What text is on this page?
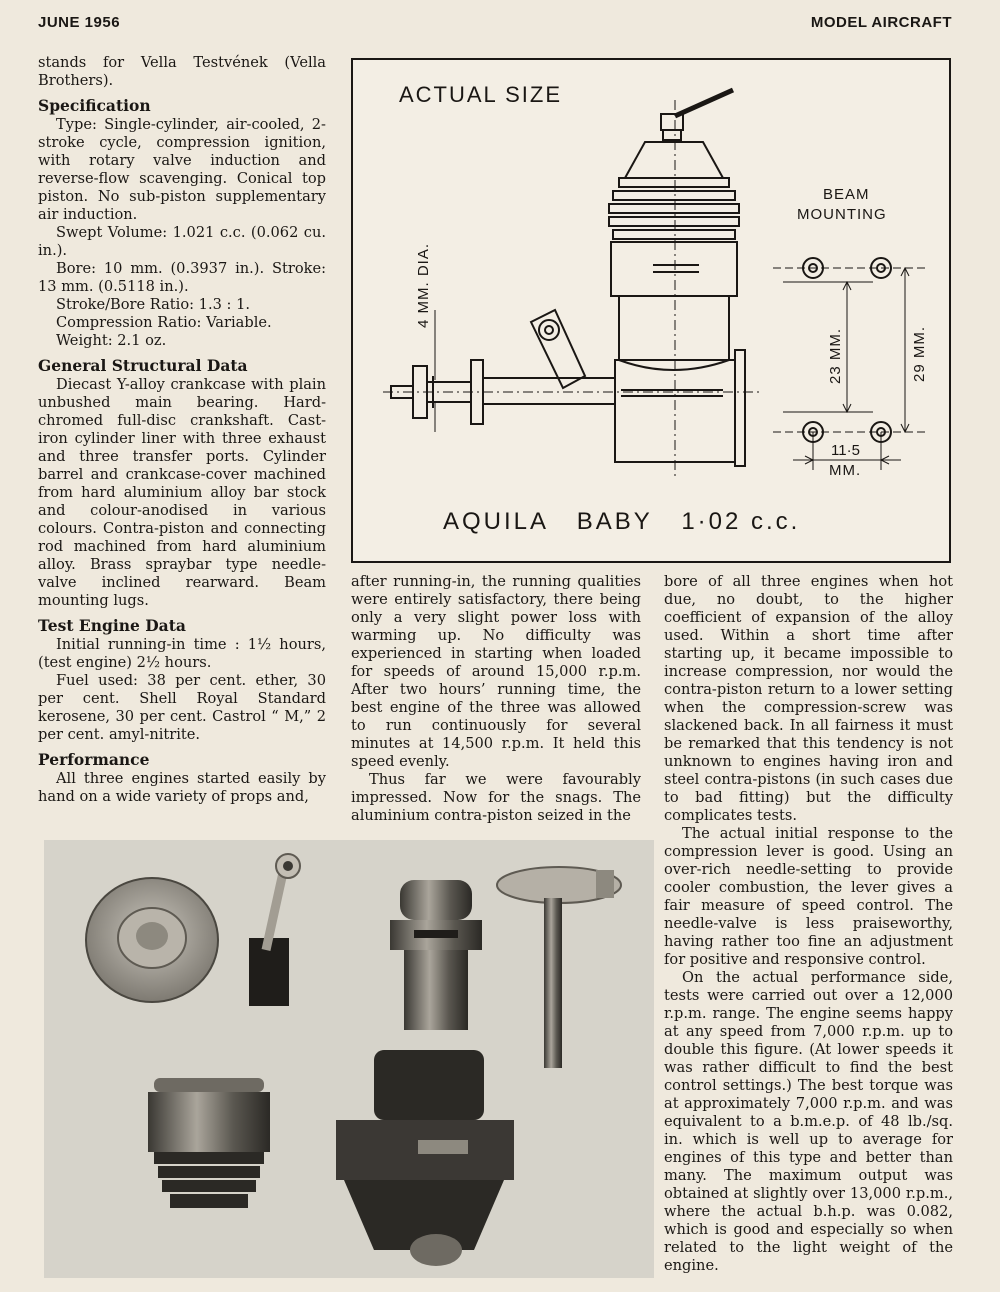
JUNE 1956	MODEL AIRCRAFT

stands for Vella Testvének (Vella Brothers).

Specification

Type: Single-cylinder, air-cooled, 2-stroke cycle, compression ignition, with rotary valve induction and reverse-flow scavenging. Conical top piston. No sub-piston supplementary air induction.

Swept Volume: 1.021 c.c. (0.062 cu. in.).

Bore: 10 mm. (0.3937 in.). Stroke: 13 mm. (0.5118 in.).

Stroke/Bore Ratio: 1.3 : 1.

Compression Ratio: Variable.

Weight: 2.1 oz.

General Structural Data

Diecast Y-alloy crankcase with plain unbushed main bearing. Hard-chromed full-disc crankshaft. Cast-iron cylinder liner with three exhaust and three transfer ports. Cylinder barrel and crankcase-cover machined from hard aluminium alloy bar stock and colour-anodised in various colours. Contra-piston and connecting rod machined from hard aluminium alloy. Brass spraybar type needle-valve inclined rearward. Beam mounting lugs.

Test Engine Data

Initial running-in time : 1½ hours, (test engine) 2½ hours.

Fuel used: 38 per cent. ether, 30 per cent. Shell Royal Standard kerosene, 30 per cent. Castrol “ M,” 2 per cent. amyl-nitrite.

Performance

All three engines started easily by hand on a wide variety of props and,

ACTUAL SIZE
BEAM
MOUNTING
4 MM. DIA.
23 MM.	29 MM.
11·5
MM.
AQUILA   BABY   1·02 c.c.

after running-in, the running qualities were entirely satisfactory, there being only a very slight power loss with warming up. No difficulty was experienced in starting when loaded for speeds of around 15,000 r.p.m. After two hours’ running time, the best engine of the three was allowed to run continuously for several minutes at 14,500 r.p.m. It held this speed evenly.

Thus far we were favourably impressed. Now for the snags. The aluminium contra-piston seized in the

bore of all three engines when hot due, no doubt, to the higher coefficient of expansion of the alloy used. Within a short time after starting up, it became impossible to increase compression, nor would the contra-piston return to a lower setting when the compression-screw was slackened back. In all fairness it must be remarked that this tendency is not unknown to engines having iron and steel contra-pistons (in such cases due to bad fitting) but the difficulty complicates tests.

The actual initial response to the compression lever is good. Using an over-rich needle-setting to provide cooler combustion, the lever gives a fair measure of speed control. The needle-valve is less praiseworthy, having rather too fine an adjustment for positive and responsive control.

On the actual performance side, tests were carried out over a 12,000 r.p.m. range. The engine seems happy at any speed from 7,000 r.p.m. up to double this figure. (At lower speeds it was rather difficult to find the best control settings.) The best torque was at approximately 7,000 r.p.m. and was equivalent to a b.m.e.p. of 48 lb./sq. in. which is well up to average for engines of this type and better than many. The maximum output was obtained at slightly over 13,000 r.p.m., where the actual b.h.p. was 0.082, which is good and especially so when related to the light weight of the engine.
